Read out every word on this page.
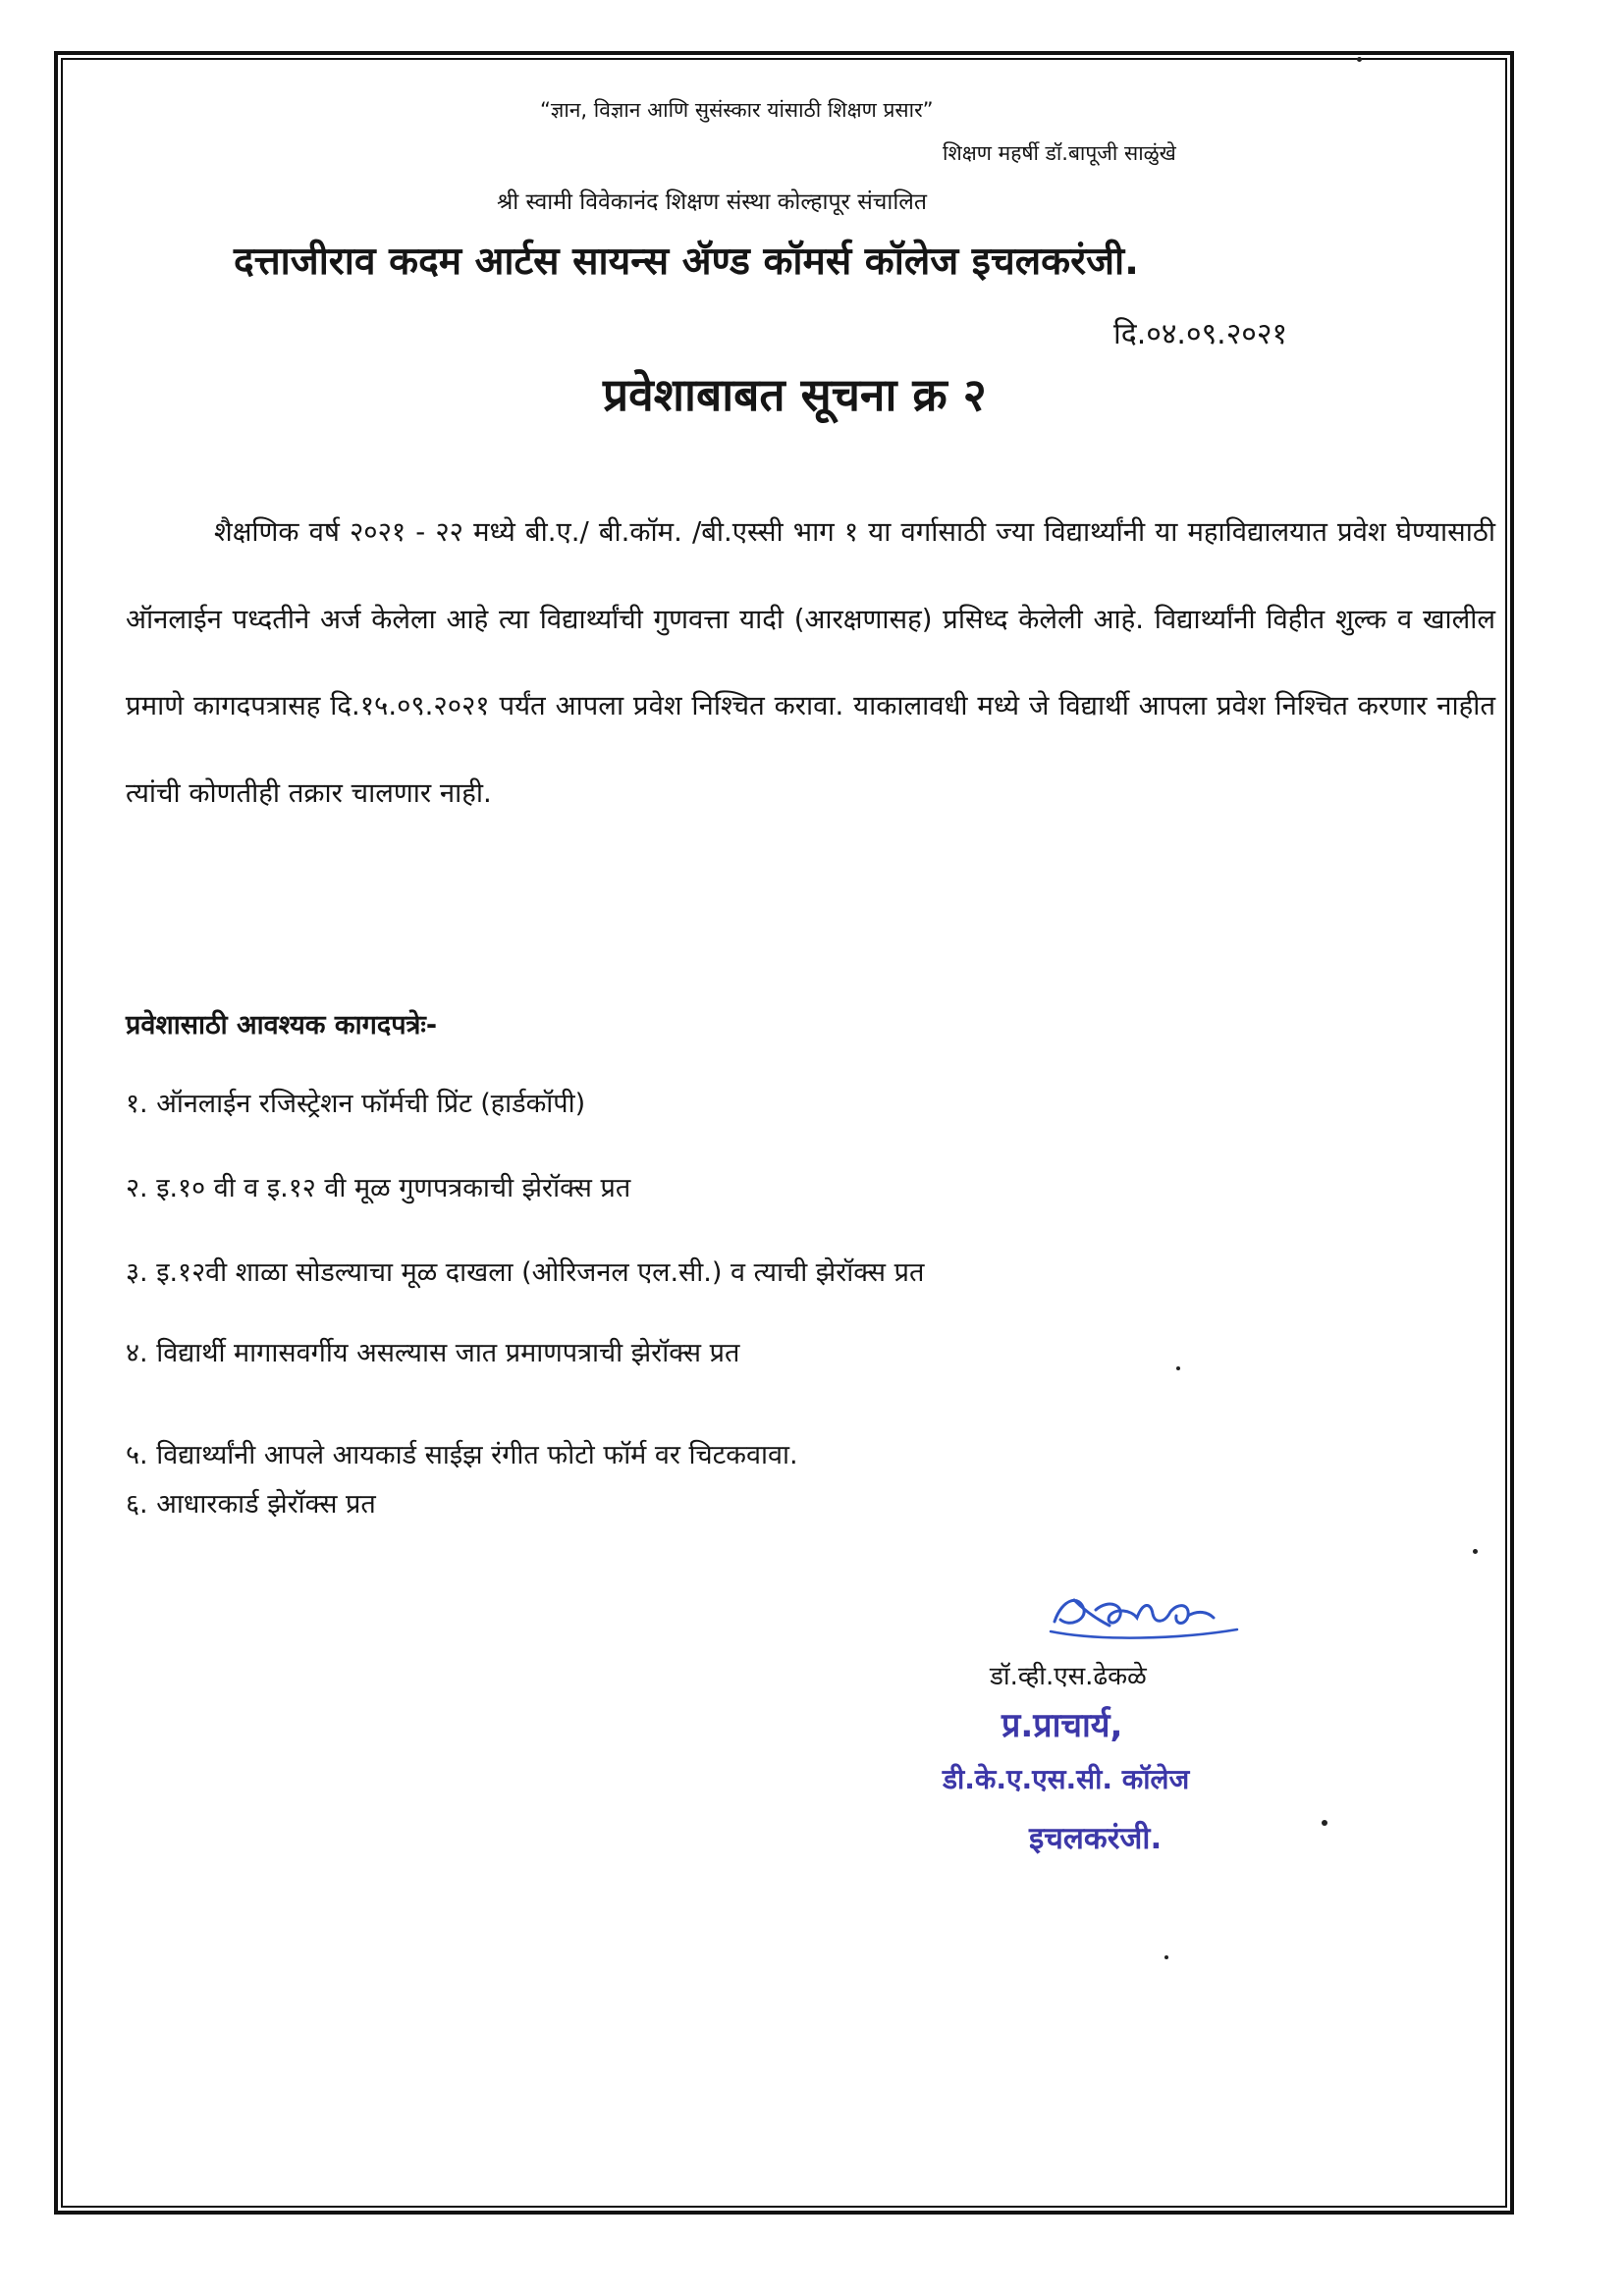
“ज्ञान, विज्ञान आणि सुसंस्कार यांसाठी शिक्षण प्रसार”
शिक्षण महर्षी डॉ.बापूजी साळुंखे
श्री स्वामी विवेकानंद शिक्षण संस्था कोल्हापूर संचालित
दत्ताजीराव कदम आर्टस सायन्स ॲण्ड कॉमर्स कॉलेज इचलकरंजी.
दि.०४.०९.२०२१
प्रवेशाबाबत सूचना क्र २

शैक्षणिक वर्ष २०२१ - २२ मध्ये बी.ए./ बी.कॉम. /बी.एस्सी भाग १ या वर्गासाठी ज्या विद्यार्थ्यांनी या महाविद्यालयात प्रवेश घेण्यासाठी ऑनलाईन पध्दतीने अर्ज केलेला आहे त्या विद्यार्थ्यांची गुणवत्ता यादी (आरक्षणासह) प्रसिध्द केलेली आहे. विद्यार्थ्यांनी विहीत शुल्क व खालील प्रमाणे कागदपत्रासह दि.१५.०९.२०२१ पर्यंत आपला प्रवेश निश्चित करावा. याकालावधी मध्ये जे विद्यार्थी आपला प्रवेश निश्चित करणार नाहीत त्यांची कोणतीही तक्रार चालणार नाही.

प्रवेशासाठी आवश्यक कागदपत्रेः-
१. ऑनलाईन रजिस्ट्रेशन फॉर्मची प्रिंट (हार्डकॉपी)
२. इ.१० वी व इ.१२ वी मूळ गुणपत्रकाची झेरॉक्स प्रत
३. इ.१२वी शाळा सोडल्याचा मूळ दाखला (ओरिजनल एल.सी.) व त्याची झेरॉक्स प्रत
४. विद्यार्थी मागासवर्गीय असल्यास जात प्रमाणपत्राची झेरॉक्स प्रत
५. विद्यार्थ्यांनी आपले आयकार्ड साईझ रंगीत फोटो फॉर्म वर चिटकवावा.
६. आधारकार्ड झेरॉक्स प्रत
डॉ.व्ही.एस.ढेकळे
प्र.प्राचार्य,
डी.के.ए.एस.सी. कॉलेज
इचलकरंजी.
